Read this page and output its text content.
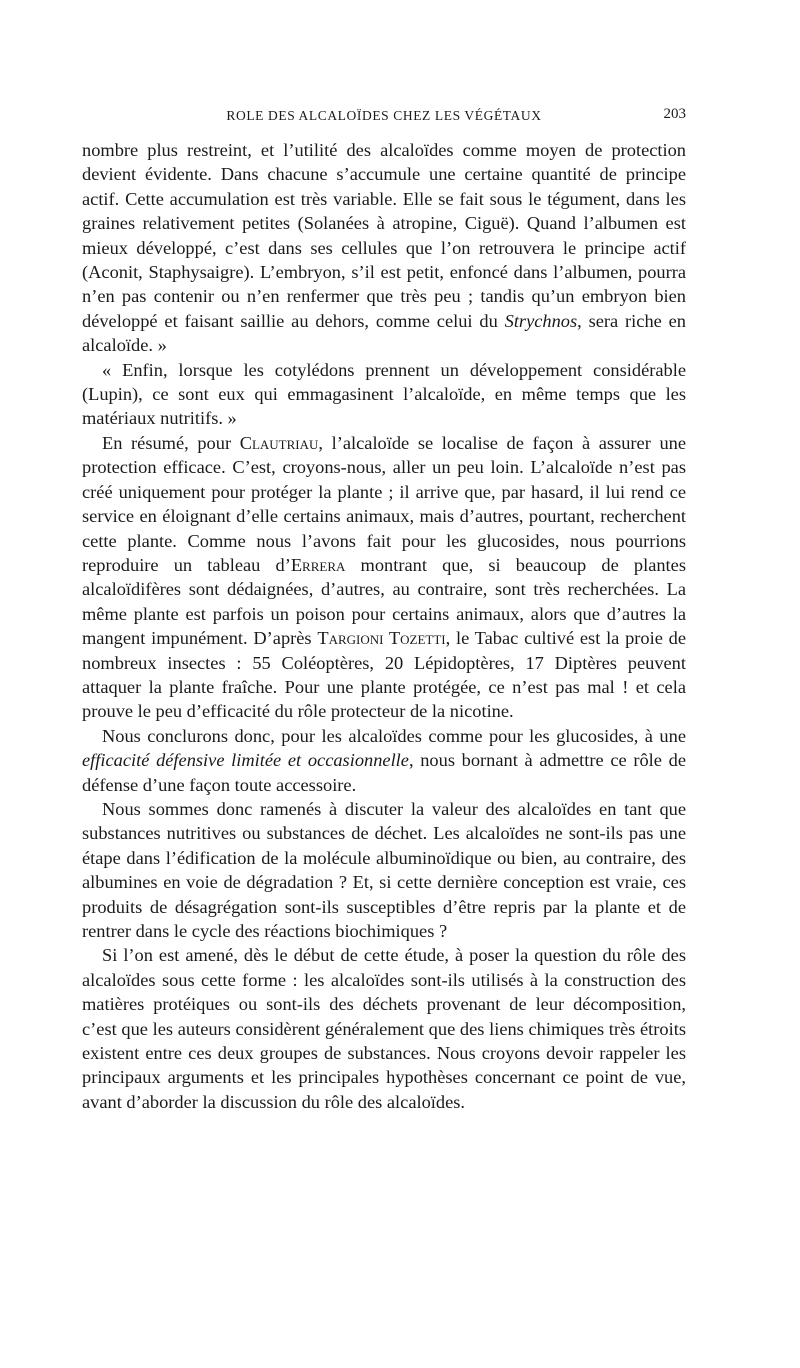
ROLE DES ALCALOÏDES CHEZ LES VÉGÉTAUX	203

nombre plus restreint, et l’utilité des alcaloïdes comme moyen de protection devient évidente. Dans chacune s’accumule une certaine quantité de principe actif. Cette accumulation est très variable. Elle se fait sous le tégument, dans les graines relativement petites (Solanées à atropine, Ciguë). Quand l’albumen est mieux développé, c’est dans ses cellules que l’on retrouvera le principe actif (Aconit, Staphysaigre). L’embryon, s’il est petit, enfoncé dans l’albumen, pourra n’en pas contenir ou n’en renfermer que très peu ; tandis qu’un embryon bien développé et faisant saillie au dehors, comme celui du Strychnos, sera riche en alcaloïde. »

« Enfin, lorsque les cotylédons prennent un développement considérable (Lupin), ce sont eux qui emmagasinent l’alcaloïde, en même temps que les matériaux nutritifs. »

En résumé, pour Clautriau, l’alcaloïde se localise de façon à assurer une protection efficace. C’est, croyons-nous, aller un peu loin. L’alcaloïde n’est pas créé uniquement pour protéger la plante ; il arrive que, par hasard, il lui rend ce service en éloignant d’elle certains animaux, mais d’autres, pourtant, recherchent cette plante. Comme nous l’avons fait pour les glucosides, nous pourrions reproduire un tableau d’Errera montrant que, si beaucoup de plantes alcaloïdifères sont dédaignées, d’autres, au contraire, sont très recherchées. La même plante est parfois un poison pour certains animaux, alors que d’autres la mangent impunément. D’après Targioni Tozetti, le Tabac cultivé est la proie de nombreux insectes : 55 Coléoptères, 20 Lépidoptères, 17 Diptères peuvent attaquer la plante fraîche. Pour une plante protégée, ce n’est pas mal ! et cela prouve le peu d’efficacité du rôle protecteur de la nicotine.

Nous conclurons donc, pour les alcaloïdes comme pour les glucosides, à une efficacité défensive limitée et occasionnelle, nous bornant à admettre ce rôle de défense d’une façon toute accessoire.

Nous sommes donc ramenés à discuter la valeur des alcaloïdes en tant que substances nutritives ou substances de déchet. Les alcaloïdes ne sont-ils pas une étape dans l’édification de la molécule albuminoïdique ou bien, au contraire, des albumines en voie de dégradation ? Et, si cette dernière conception est vraie, ces produits de désagrégation sont-ils susceptibles d’être repris par la plante et de rentrer dans le cycle des réactions biochimiques ?

Si l’on est amené, dès le début de cette étude, à poser la question du rôle des alcaloïdes sous cette forme : les alcaloïdes sont-ils utilisés à la construction des matières protéiques ou sont-ils des déchets provenant de leur décomposition, c’est que les auteurs considèrent généralement que des liens chimiques très étroits existent entre ces deux groupes de substances. Nous croyons devoir rappeler les principaux arguments et les principales hypothèses concernant ce point de vue, avant d’aborder la discussion du rôle des alcaloïdes.
